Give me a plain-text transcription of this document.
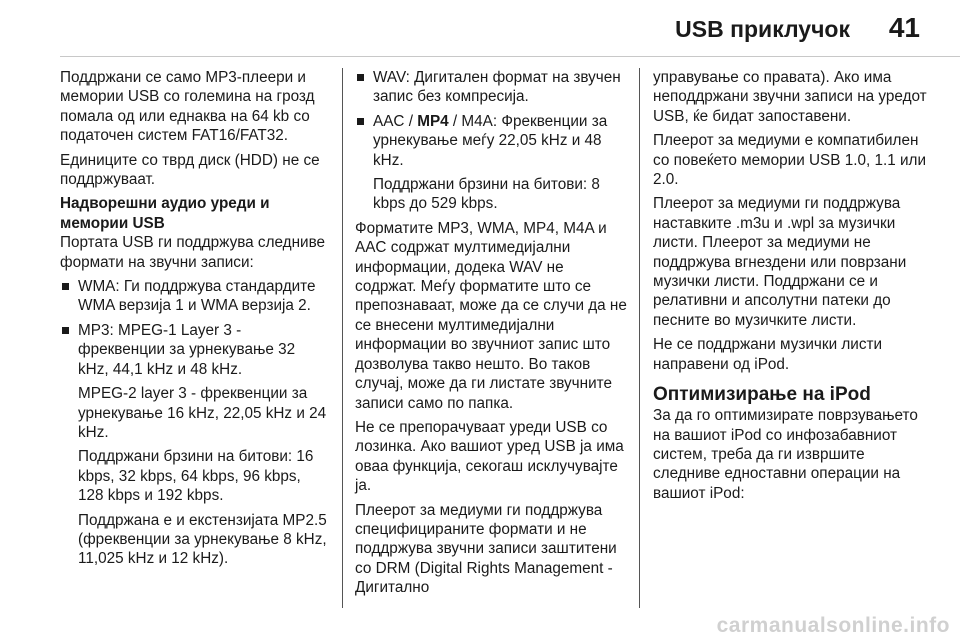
USB приклучок 41

Поддржани се само MP3-плеери и мемории USB со големина на грозд помала од или еднаква на 64 kb со податочен систем FAT16/FAT32.

Единиците со тврд диск (HDD) не се поддржуваат.

Надворешни аудио уреди и мемории USB

Портата USB ги поддржува следниве формати на звучни записи:

WMA: Ги поддржува стандардите WMA верзија 1 и WMA верзија 2.
MP3: MPEG-1 Layer 3 - фреквенции за урнекување 32 kHz, 44,1 kHz и 48 kHz.

MPEG-2 layer 3 - фреквенции за урнекување 16 kHz, 22,05 kHz и 24 kHz.

Поддржани брзини на битови: 16 kbps, 32 kbps, 64 kbps, 96 kbps, 128 kbps и 192 kbps.

Поддржана е и екстензијата MP2.5 (фреквенции за урнекување 8 kHz, 11,025 kHz и 12 kHz).

WAV: Дигитален формат на звучен запис без компресија.
AAC / MP4 / M4A: Фреквенции за урнекување меѓу 22,05 kHz и 48 kHz.

Поддржани брзини на битови: 8 kbps до 529 kbps.

Форматите MP3, WMA, MP4, M4A и AAC содржат мултимедијални информации, додека WAV не содржат. Меѓу форматите што се препознаваат, може да се случи да не се внесени мултимедијални информации во звучниот запис што дозволува такво нешто. Во таков случај, може да ги листате звучните записи само по папка.

Не се препорачуваат уреди USB со лозинка. Ако вашиот уред USB ја има оваа функција, секогаш исклучувајте ја.

Плеерот за медиуми ги поддржува специфицираните формати и не поддржува звучни записи заштитени со DRM (Digital Rights Management - Дигитално

управување со правата). Ако има неподдржани звучни записи на уредот USB, ќе бидат запоставени.

Плеерот за медиуми е компатибилен со повеќето мемории USB 1.0, 1.1 или 2.0.

Плеерот за медиуми ги поддржува наставките .m3u и .wpl за музички листи. Плеерот за медиуми не поддржува вгнездени или поврзани музички листи. Поддржани се и релативни и апсолутни патеки до песните во музичките листи.

Не се поддржани музички листи направени од iPod.

Оптимизирање на iPod

За да го оптимизирате поврзувањето на вашиот iPod со инфозабавниот систем, треба да ги извршите следниве едноставни операции на вашиот iPod:

carmanualsonline.info
